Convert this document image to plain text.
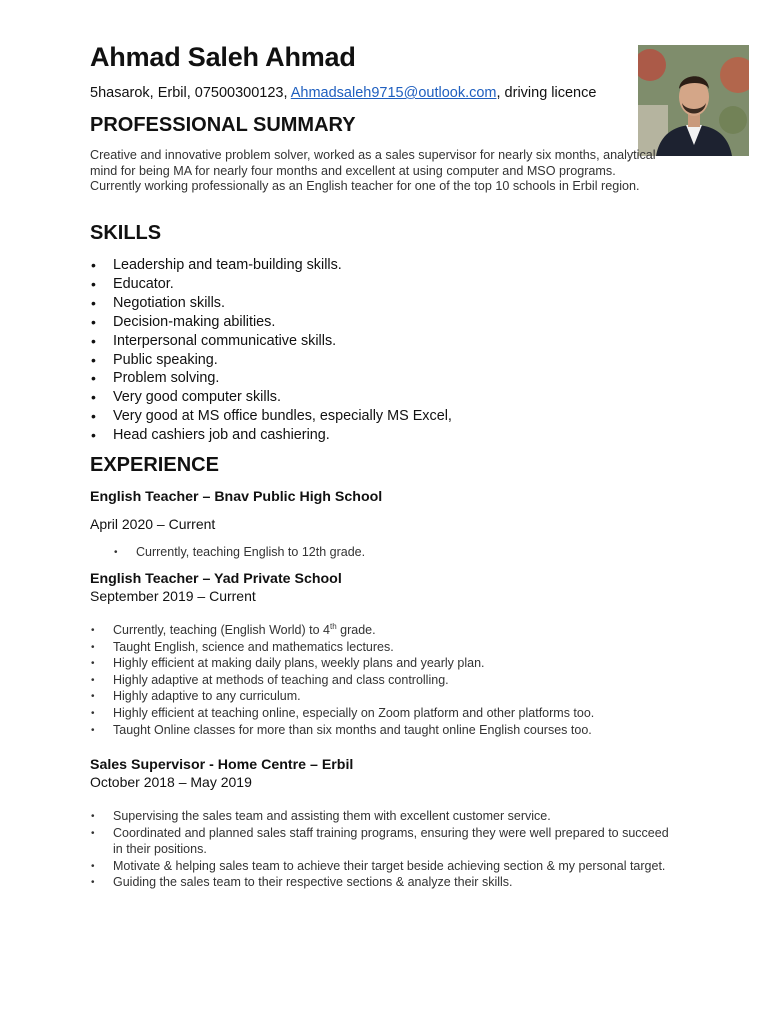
Ahmad Saleh Ahmad

5hasarok, Erbil, 07500300123, Ahmadsaleh9715@outlook.com, driving licence

PROFESSIONAL SUMMARY

Creative and innovative problem solver, worked as a sales supervisor for nearly six months, analytical mind for being MA for nearly four months and excellent at using computer and MSO programs. Currently working professionally as an English teacher for one of the top 10 schools in Erbil region.

SKILLS
• Leadership and team-building skills.
• Educator.
• Negotiation skills.
• Decision-making abilities.
• Interpersonal communicative skills.
• Public speaking.
• Problem solving.
• Very good computer skills.
• Very good at MS office bundles, especially MS Excel,
• Head cashiers job and cashiering.
EXPERIENCE

English Teacher – Bnav Public High School

April 2020 – Current

• Currently, teaching English to 12th grade.

English Teacher – Yad Private School

September 2019 – Current

• Currently, teaching (English World) to 4th grade.
• Taught English, science and mathematics lectures.
• Highly efficient at making daily plans, weekly plans and yearly plan.
• Highly adaptive at methods of teaching and class controlling.
• Highly adaptive to any curriculum.
• Highly efficient at teaching online, especially on Zoom platform and other platforms too.
• Taught Online classes for more than six months and taught online English courses too.

Sales Supervisor - Home Centre – Erbil

October 2018 – May 2019

• Supervising the sales team and assisting them with excellent customer service.
• Coordinated and planned sales staff training programs, ensuring they were well prepared to succeed in their positions.
• Motivate & helping sales team to achieve their target beside achieving section & my personal target.
• Guiding the sales team to their respective sections & analyze their skills.
